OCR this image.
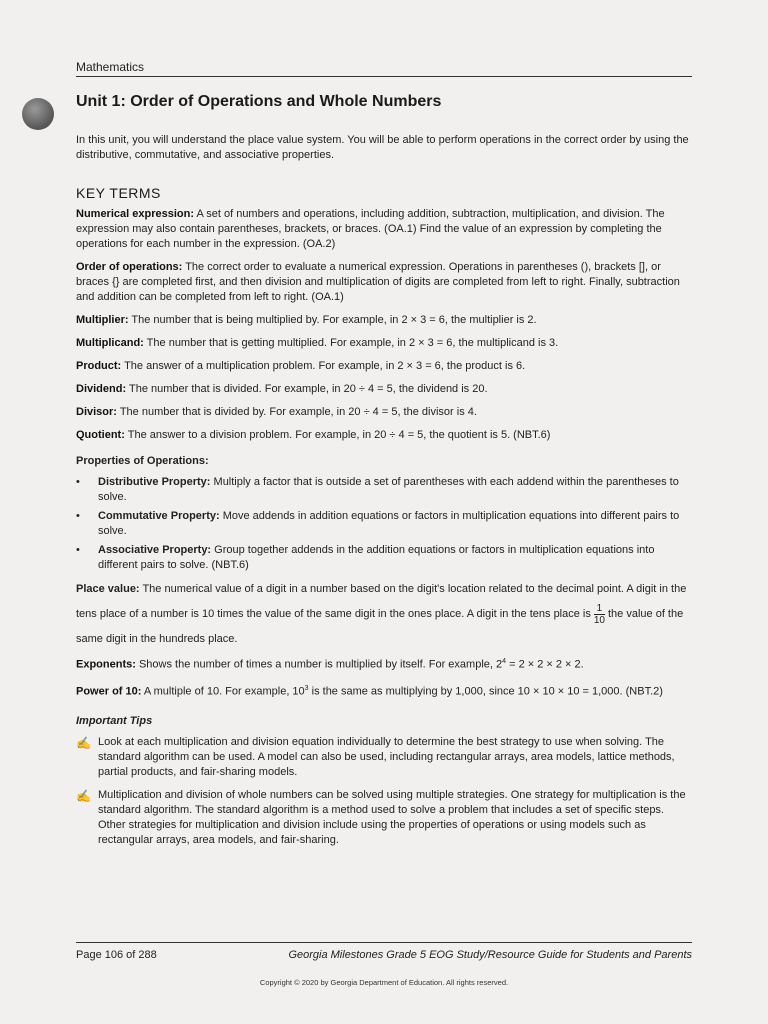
Mathematics
Unit 1: Order of Operations and Whole Numbers

In this unit, you will understand the place value system. You will be able to perform operations in the correct order by using the distributive, commutative, and associative properties.

KEY TERMS

Numerical expression: A set of numbers and operations, including addition, subtraction, multiplication, and division. The expression may also contain parentheses, brackets, or braces. (OA.1) Find the value of an expression by completing the operations for each number in the expression. (OA.2)

Order of operations: The correct order to evaluate a numerical expression. Operations in parentheses (), brackets [], or braces {} are completed first, and then division and multiplication of digits are completed from left to right. Finally, subtraction and addition can be completed from left to right. (OA.1)

Multiplier: The number that is being multiplied by. For example, in 2 × 3 = 6, the multiplier is 2.

Multiplicand: The number that is getting multiplied. For example, in 2 × 3 = 6, the multiplicand is 3.

Product: The answer of a multiplication problem. For example, in 2 × 3 = 6, the product is 6.

Dividend: The number that is divided. For example, in 20 ÷ 4 = 5, the dividend is 20.

Divisor: The number that is divided by. For example, in 20 ÷ 4 = 5, the divisor is 4.

Quotient: The answer to a division problem. For example, in 20 ÷ 4 = 5, the quotient is 5. (NBT.6)

Properties of Operations:

• Distributive Property: Multiply a factor that is outside a set of parentheses with each addend within the parentheses to solve.
• Commutative Property: Move addends in addition equations or factors in multiplication equations into different pairs to solve.
• Associative Property: Group together addends in the addition equations or factors in multiplication equations into different pairs to solve. (NBT.6)

Place value: The numerical value of a digit in a number based on the digit's location related to the decimal point. A digit in the tens place of a number is 10 times the value of the same digit in the ones place. A digit in the tens place is $\frac{1}{10}$ the value of the same digit in the hundreds place.

Exponents: Shows the number of times a number is multiplied by itself. For example, $2^4 = 2 \times 2 \times 2 \times 2$.

Power of 10: A multiple of 10. For example, $10^3$ is the same as multiplying by 1,000, since 10 × 10 × 10 = 1,000. (NBT.2)

Important Tips

✍ Look at each multiplication and division equation individually to determine the best strategy to use when solving. The standard algorithm can be used. A model can also be used, including rectangular arrays, area models, lattice methods, partial products, and fair-sharing models.
✍ Multiplication and division of whole numbers can be solved using multiple strategies. One strategy for multiplication is the standard algorithm. The standard algorithm is a method used to solve a problem that includes a set of specific steps. Other strategies for multiplication and division include using the properties of operations or using models such as rectangular arrays, area models, and fair-sharing.
Page 106 of 288	Georgia Milestones Grade 5 EOG Study/Resource Guide for Students and Parents
Copyright © 2020 by Georgia Department of Education. All rights reserved.
